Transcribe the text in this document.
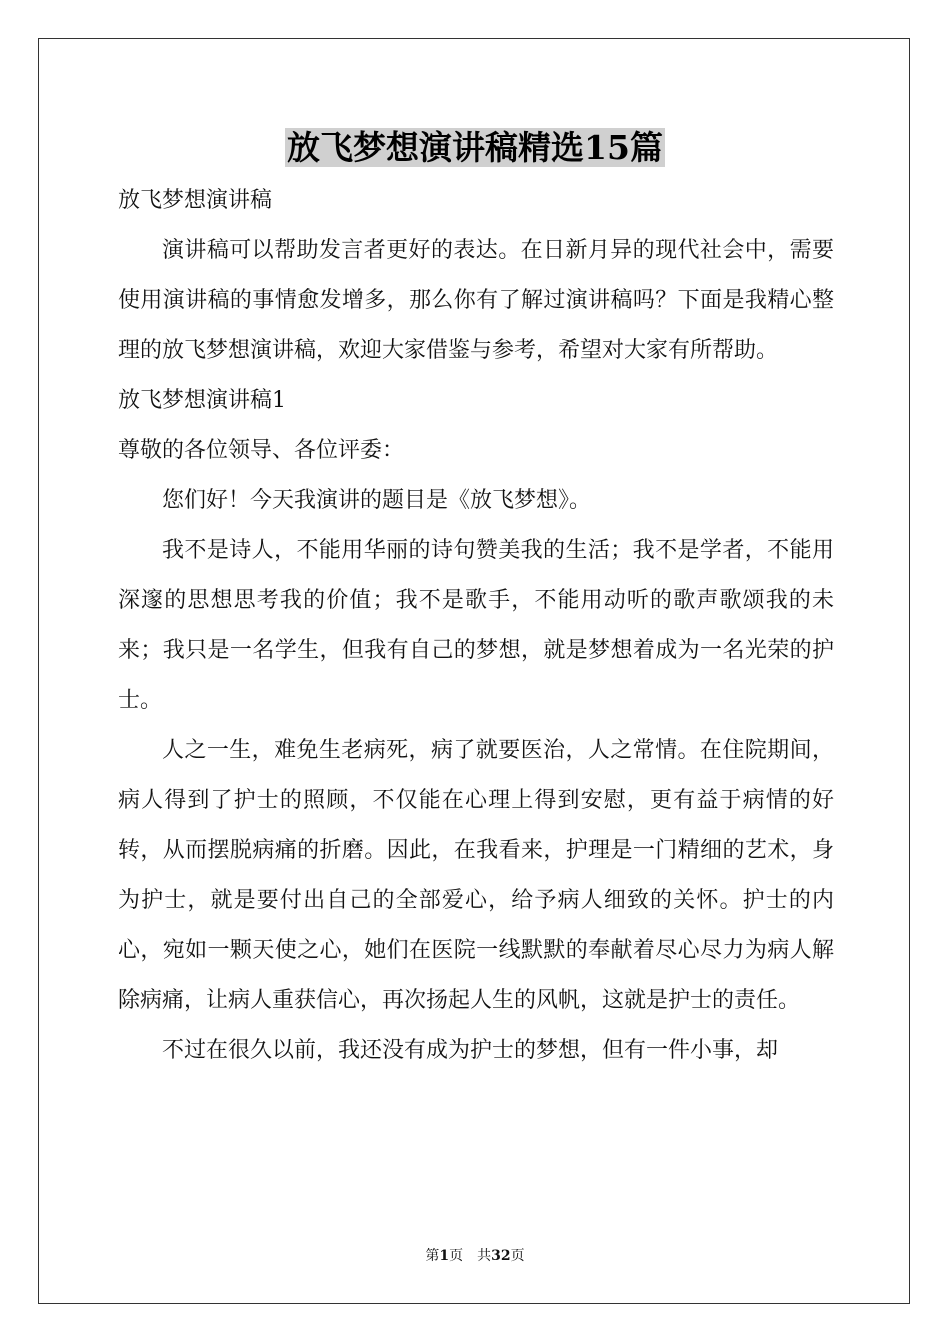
放飞梦想演讲稿精选15篇

放飞梦想演讲稿

演讲稿可以帮助发言者更好的表达。在日新月异的现代社会中，需要使用演讲稿的事情愈发增多，那么你有了解过演讲稿吗？下面是我精心整理的放飞梦想演讲稿，欢迎大家借鉴与参考，希望对大家有所帮助。

放飞梦想演讲稿1

尊敬的各位领导、各位评委：

您们好！今天我演讲的题目是《放飞梦想》。

我不是诗人，不能用华丽的诗句赞美我的生活；我不是学者，不能用深邃的思想思考我的价值；我不是歌手，不能用动听的歌声歌颂我的未来；我只是一名学生，但我有自己的梦想，就是梦想着成为一名光荣的护士。

人之一生，难免生老病死，病了就要医治，人之常情。在住院期间，病人得到了护士的照顾，不仅能在心理上得到安慰，更有益于病情的好转，从而摆脱病痛的折磨。因此，在我看来，护理是一门精细的艺术，身为护士，就是要付出自己的全部爱心，给予病人细致的关怀。护士的内心，宛如一颗天使之心，她们在医院一线默默的奉献着尽心尽力为病人解除病痛，让病人重获信心，再次扬起人生的风帆，这就是护士的责任。

不过在很久以前，我还没有成为护士的梦想，但有一件小事，却

第1页　共32页
